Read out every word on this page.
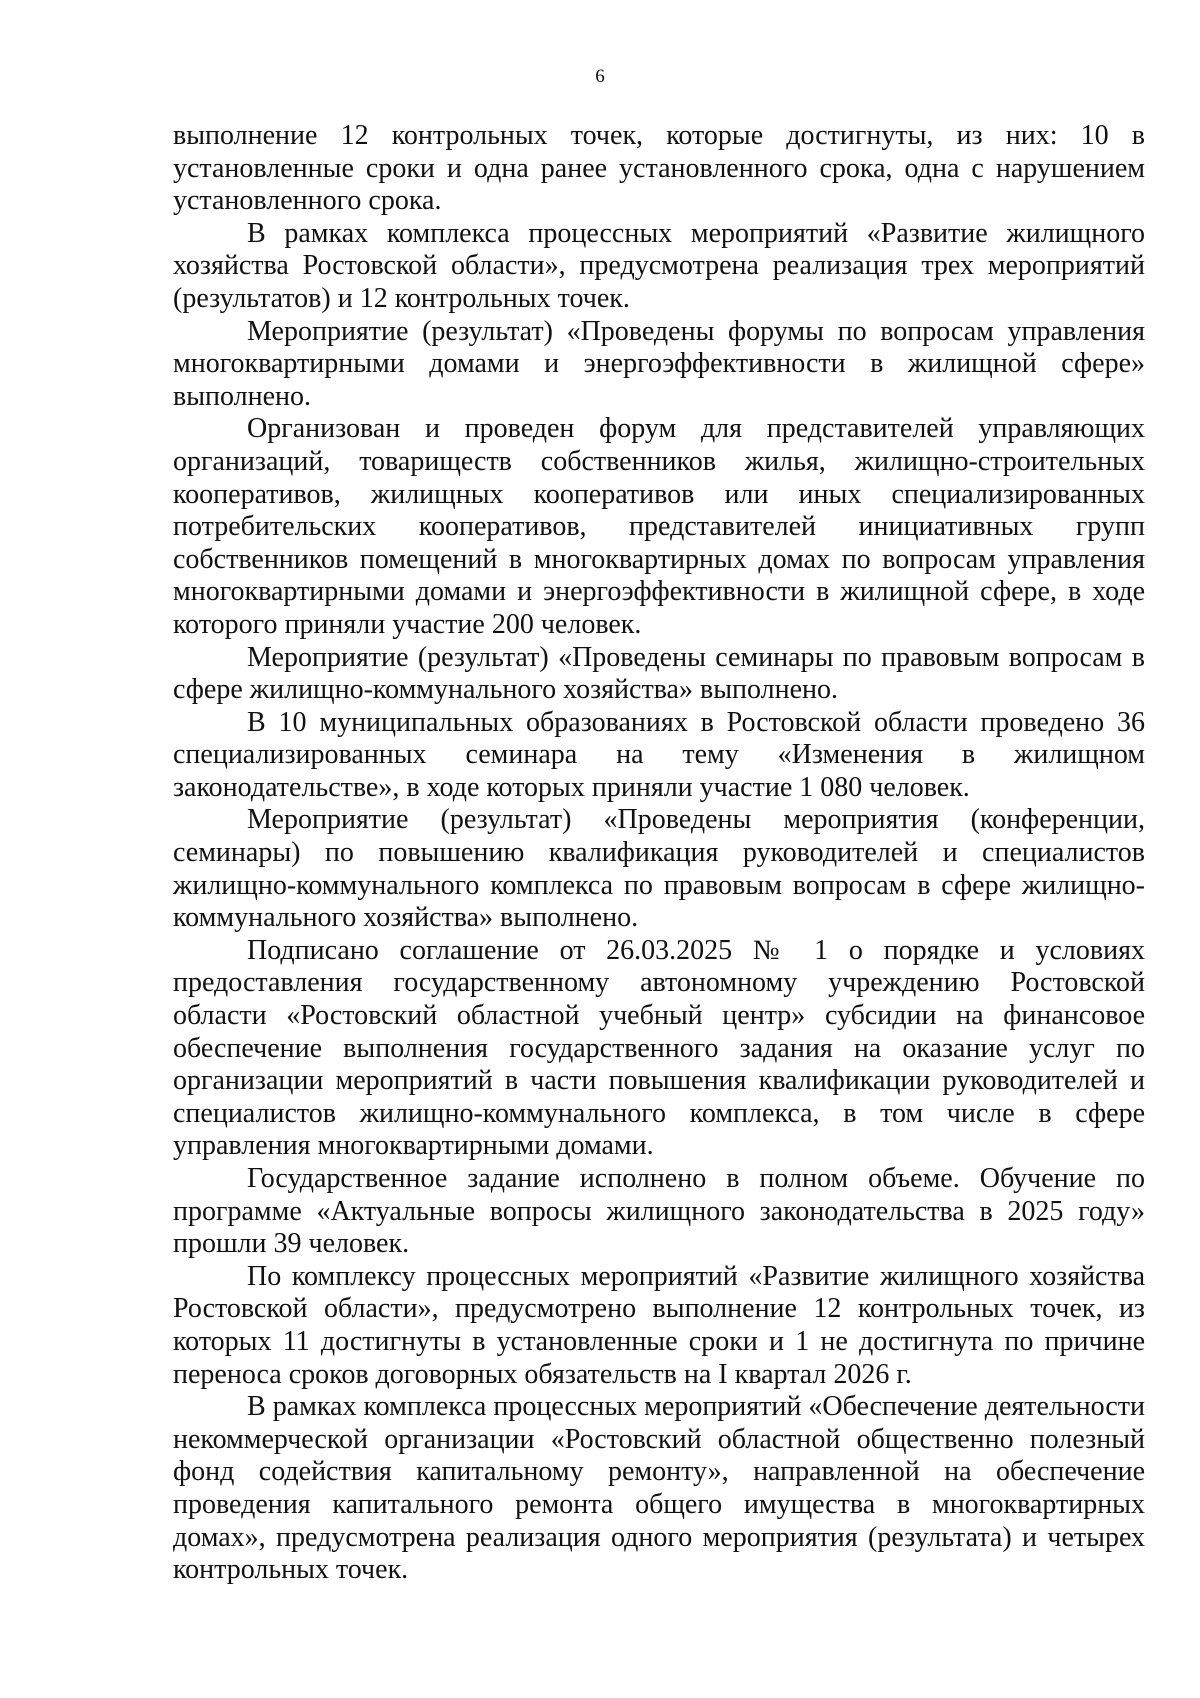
6

выполнение 12 контрольных точек, которые достигнуты, из них: 10 в установленные сроки и одна ранее установленного срока, одна с нарушением установленного срока.

В рамках комплекса процессных мероприятий «Развитие жилищного хозяйства Ростовской области», предусмотрена реализация трех мероприятий (результатов) и 12 контрольных точек.

Мероприятие (результат) «Проведены форумы по вопросам управления многоквартирными домами и энергоэффективности в жилищной сфере» выполнено.

Организован и проведен форум для представителей управляющих организаций, товариществ собственников жилья, жилищно-строительных кооперативов, жилищных кооперативов или иных специализированных потребительских кооперативов, представителей инициативных групп собственников помещений в многоквартирных домах по вопросам управления многоквартирными домами и энергоэффективности в жилищной сфере, в ходе которого приняли участие 200 человек.

Мероприятие (результат) «Проведены семинары по правовым вопросам в сфере жилищно-коммунального хозяйства» выполнено.

В 10 муниципальных образованиях в Ростовской области проведено 36 специализированных семинара на тему «Изменения в жилищном законодательстве», в ходе которых приняли участие 1 080 человек.

Мероприятие (результат) «Проведены мероприятия (конференции, семинары) по повышению квалификация руководителей и специалистов жилищно-коммунального комплекса по правовым вопросам в сфере жилищно-коммунального хозяйства» выполнено.

Подписано соглашение от 26.03.2025 № 1 о порядке и условиях предоставления государственному автономному учреждению Ростовской области «Ростовский областной учебный центр» субсидии на финансовое обеспечение выполнения государственного задания на оказание услуг по организации мероприятий в части повышения квалификации руководителей и специалистов жилищно-коммунального комплекса, в том числе в сфере управления многоквартирными домами.

Государственное задание исполнено в полном объеме. Обучение по программе «Актуальные вопросы жилищного законодательства в 2025 году» прошли 39 человек.

По комплексу процессных мероприятий «Развитие жилищного хозяйства Ростовской области», предусмотрено выполнение 12 контрольных точек, из которых 11 достигнуты в установленные сроки и 1 не достигнута по причине переноса сроков договорных обязательств на I квартал 2026 г.

В рамках комплекса процессных мероприятий «Обеспечение деятельности некоммерческой организации «Ростовский областной общественно полезный фонд содействия капитальному ремонту», направленной на обеспечение проведения капитального ремонта общего имущества в многоквартирных домах», предусмотрена реализация одного мероприятия (результата) и четырех контрольных точек.
